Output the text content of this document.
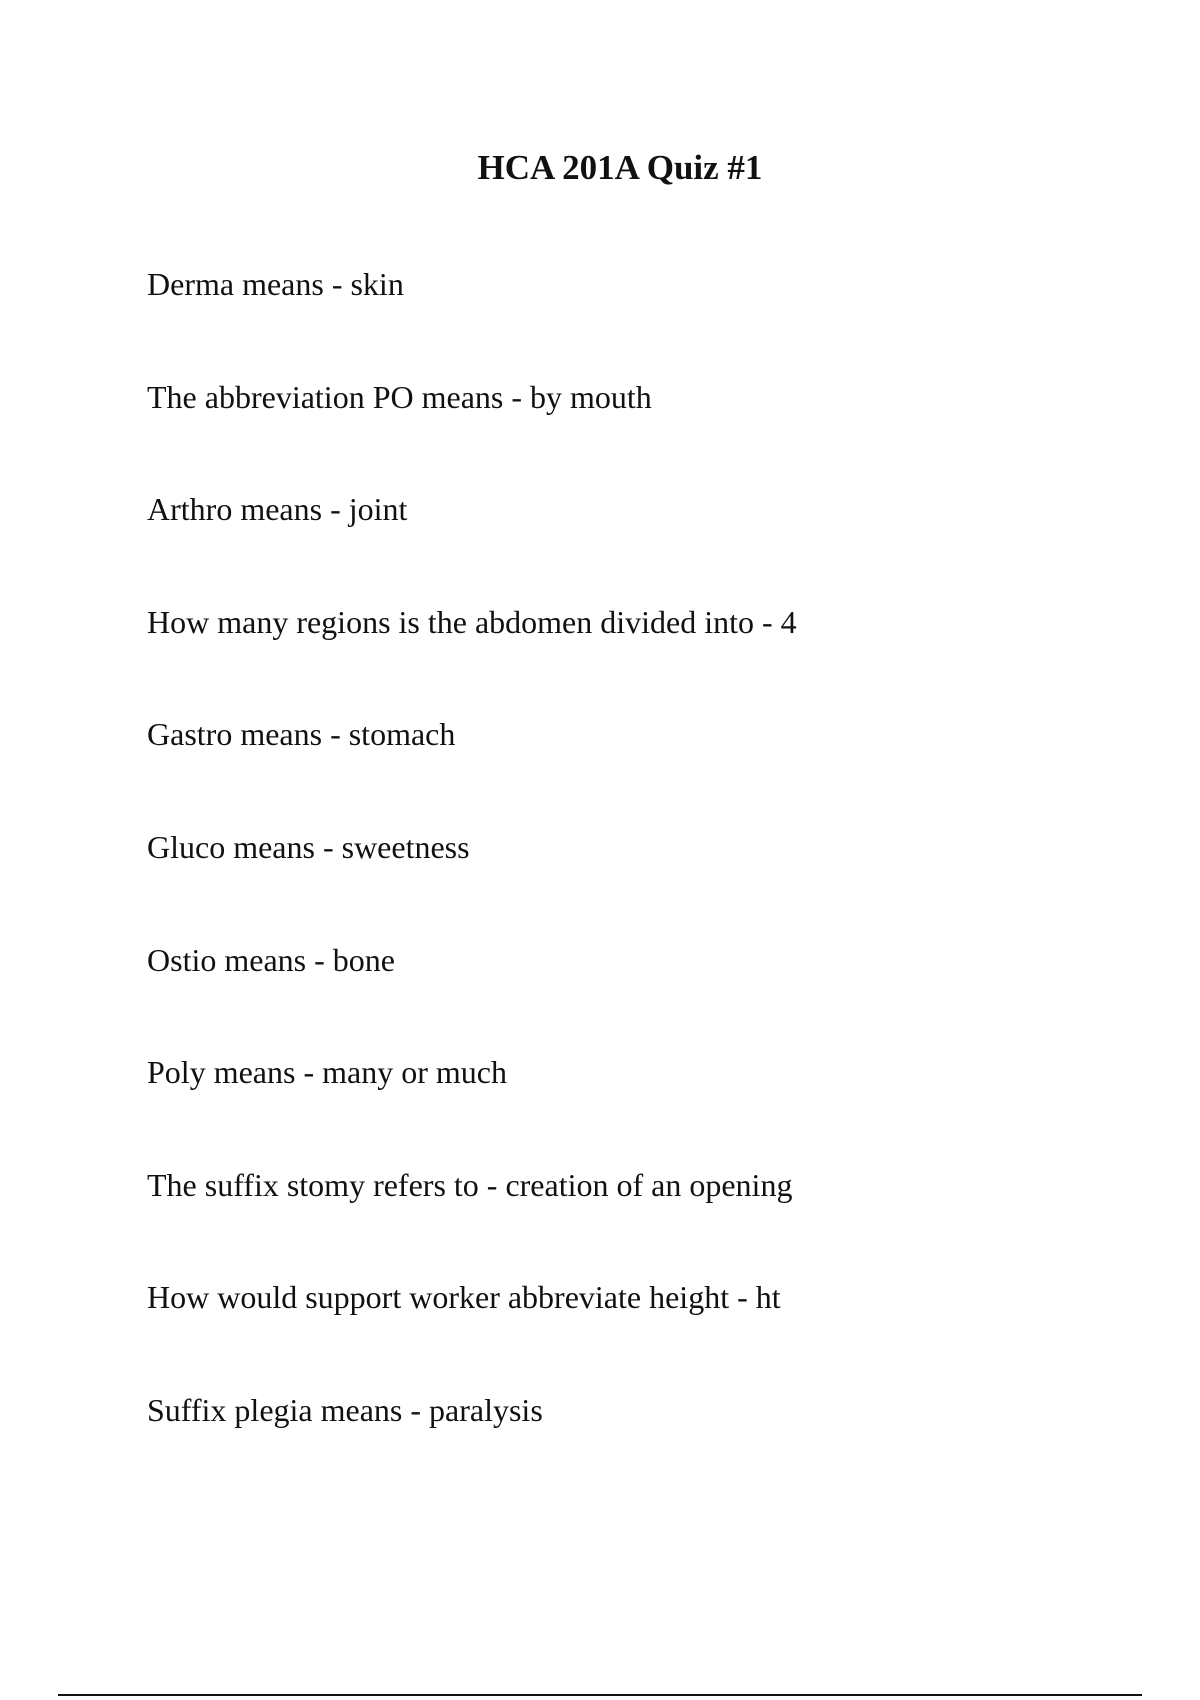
HCA 201A Quiz #1
Derma means - skin
The abbreviation PO means - by mouth
Arthro means - joint
How many regions is the abdomen divided into - 4
Gastro means - stomach
Gluco means - sweetness
Ostio means - bone
Poly means - many or much
The suffix stomy refers to - creation of an opening
How would support worker abbreviate height - ht
Suffix plegia means - paralysis
